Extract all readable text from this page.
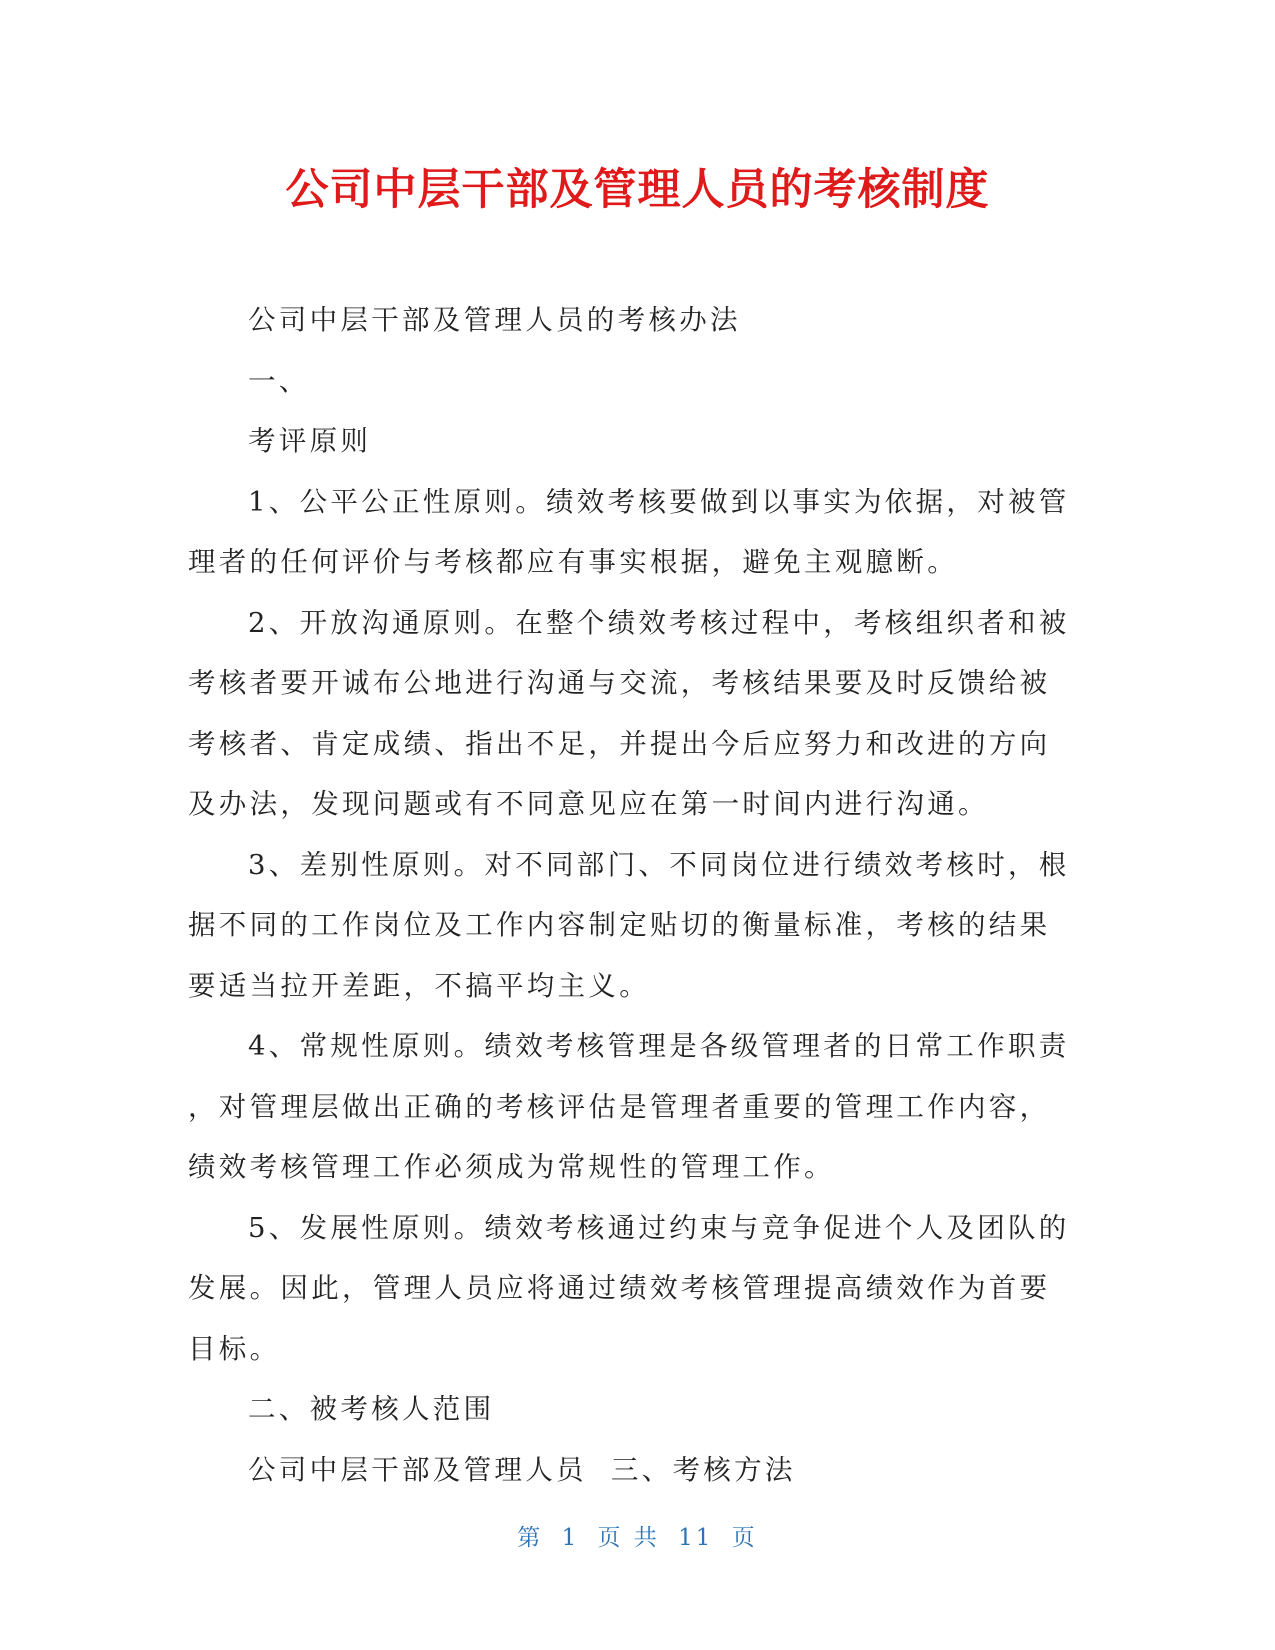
公司中层干部及管理人员的考核制度

公司中层干部及管理人员的考核办法

一、

考评原则

1、公平公正性原则。绩效考核要做到以事实为依据，对被管

理者的任何评价与考核都应有事实根据，避免主观臆断。

2、开放沟通原则。在整个绩效考核过程中，考核组织者和被

考核者要开诚布公地进行沟通与交流，考核结果要及时反馈给被

考核者、肯定成绩、指出不足，并提出今后应努力和改进的方向

及办法，发现问题或有不同意见应在第一时间内进行沟通。

3、差别性原则。对不同部门、不同岗位进行绩效考核时，根

据不同的工作岗位及工作内容制定贴切的衡量标准，考核的结果

要适当拉开差距，不搞平均主义。

4、常规性原则。绩效考核管理是各级管理者的日常工作职责

，对管理层做出正确的考核评估是管理者重要的管理工作内容，

绩效考核管理工作必须成为常规性的管理工作。

5、发展性原则。绩效考核通过约束与竞争促进个人及团队的

发展。因此，管理人员应将通过绩效考核管理提高绩效作为首要

目标。

二、被考核人范围

公司中层干部及管理人员  三、考核方法

第 1 页 共 11 页
